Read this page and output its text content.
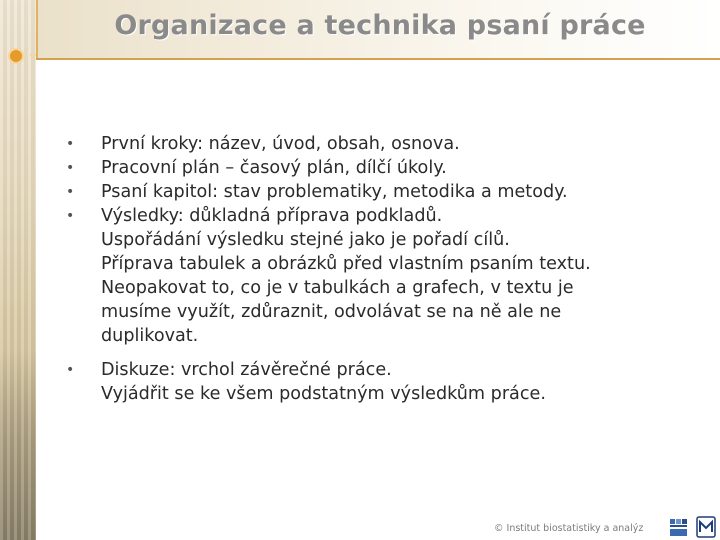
Organizace a technika psaní práce
• První kroky: název, úvod, obsah, osnova.
• Pracovní plán – časový plán, dílčí úkoly.
• Psaní kapitol: stav problematiky, metodika a metody.
• Výsledky: důkladná příprava podkladů.
Uspořádání výsledku stejné jako je pořadí cílů.
Příprava tabulek a obrázků před vlastním psaním textu.
Neopakovat to, co je v tabulkách a grafech, v textu je
musíme využít, zdůraznit, odvolávat se na ně ale ne
duplikovat.
• Diskuze: vrchol závěrečné práce.
Vyjádřit se ke všem podstatným výsledkům práce.
© Institut biostatistiky a analýz
